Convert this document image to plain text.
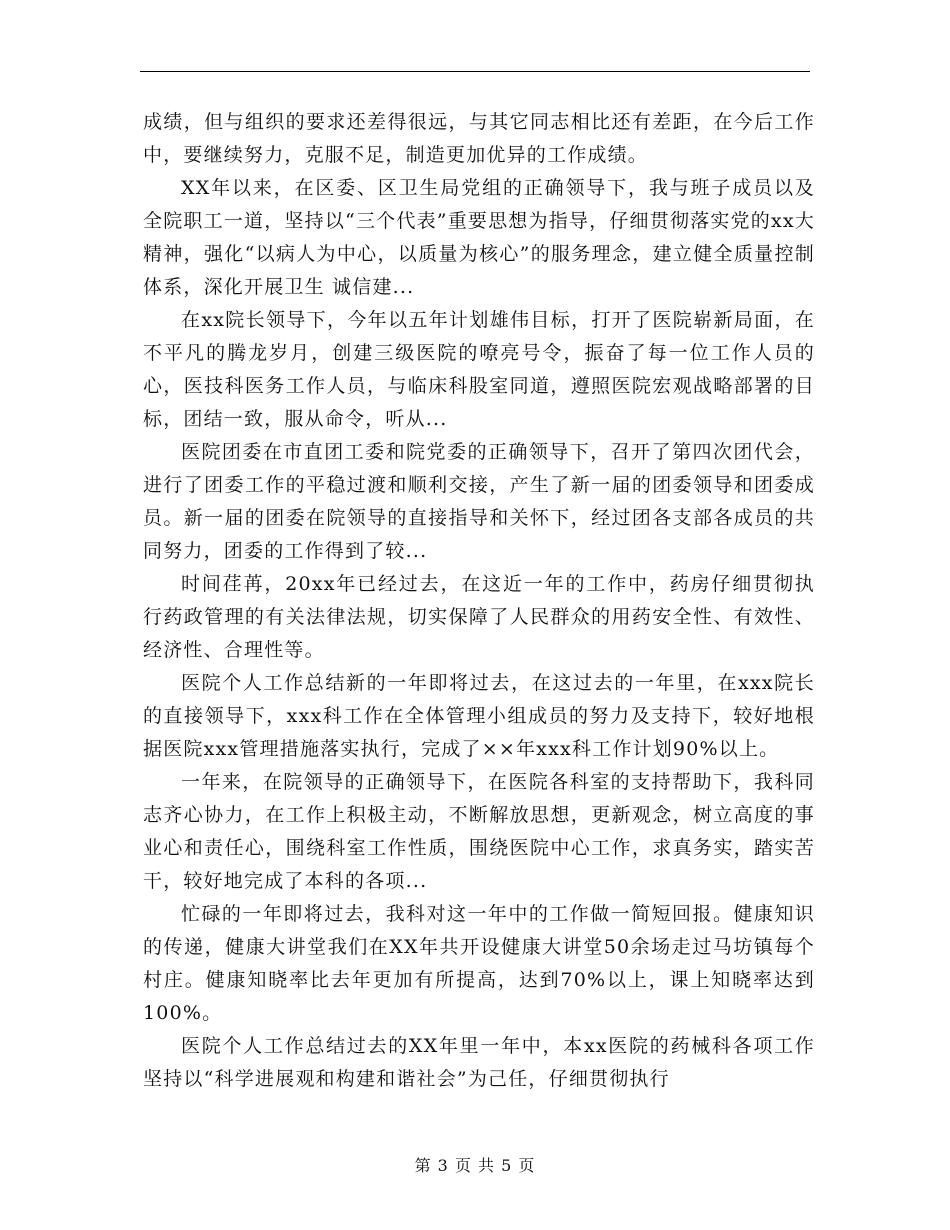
成绩，但与组织的要求还差得很远，与其它同志相比还有差距，在今后工作中，要继续努力，克服不足，制造更加优异的工作成绩。

XX年以来，在区委、区卫生局党组的正确领导下，我与班子成员以及全院职工一道，坚持以“三个代表”重要思想为指导，仔细贯彻落实党的xx大精神，强化“以病人为中心，以质量为核心”的服务理念，建立健全质量控制体系，深化开展卫生 诚信建...

在xx院长领导下，今年以五年计划雄伟目标，打开了医院崭新局面，在不平凡的腾龙岁月，创建三级医院的嘹亮号令，振奋了每一位工作人员的心，医技科医务工作人员，与临床科股室同道，遵照医院宏观战略部署的目标，团结一致，服从命令，听从...

医院团委在市直团工委和院党委的正确领导下，召开了第四次团代会，进行了团委工作的平稳过渡和顺利交接，产生了新一届的团委领导和团委成员。新一届的团委在院领导的直接指导和关怀下，经过团各支部各成员的共同努力，团委的工作得到了较...

时间荏苒，20xx年已经过去，在这近一年的工作中，药房仔细贯彻执行药政管理的有关法律法规，切实保障了人民群众的用药安全性、有效性、经济性、合理性等。

医院个人工作总结新的一年即将过去，在这过去的一年里，在xxx院长的直接领导下，xxx科工作在全体管理小组成员的努力及支持下，较好地根据医院xxx管理措施落实执行，完成了××年xxx科工作计划90%以上。

一年来，在院领导的正确领导下，在医院各科室的支持帮助下，我科同志齐心协力，在工作上积极主动，不断解放思想，更新观念，树立高度的事业心和责任心，围绕科室工作性质，围绕医院中心工作，求真务实，踏实苦干，较好地完成了本科的各项...

忙碌的一年即将过去，我科对这一年中的工作做一简短回报。健康知识的传递，健康大讲堂我们在XX年共开设健康大讲堂50余场走过马坊镇每个村庄。健康知晓率比去年更加有所提高，达到70%以上，课上知晓率达到100%。

医院个人工作总结过去的XX年里一年中，本xx医院的药械科各项工作坚持以“科学进展观和构建和谐社会”为己任，仔细贯彻执行

第 3 页 共 5 页
